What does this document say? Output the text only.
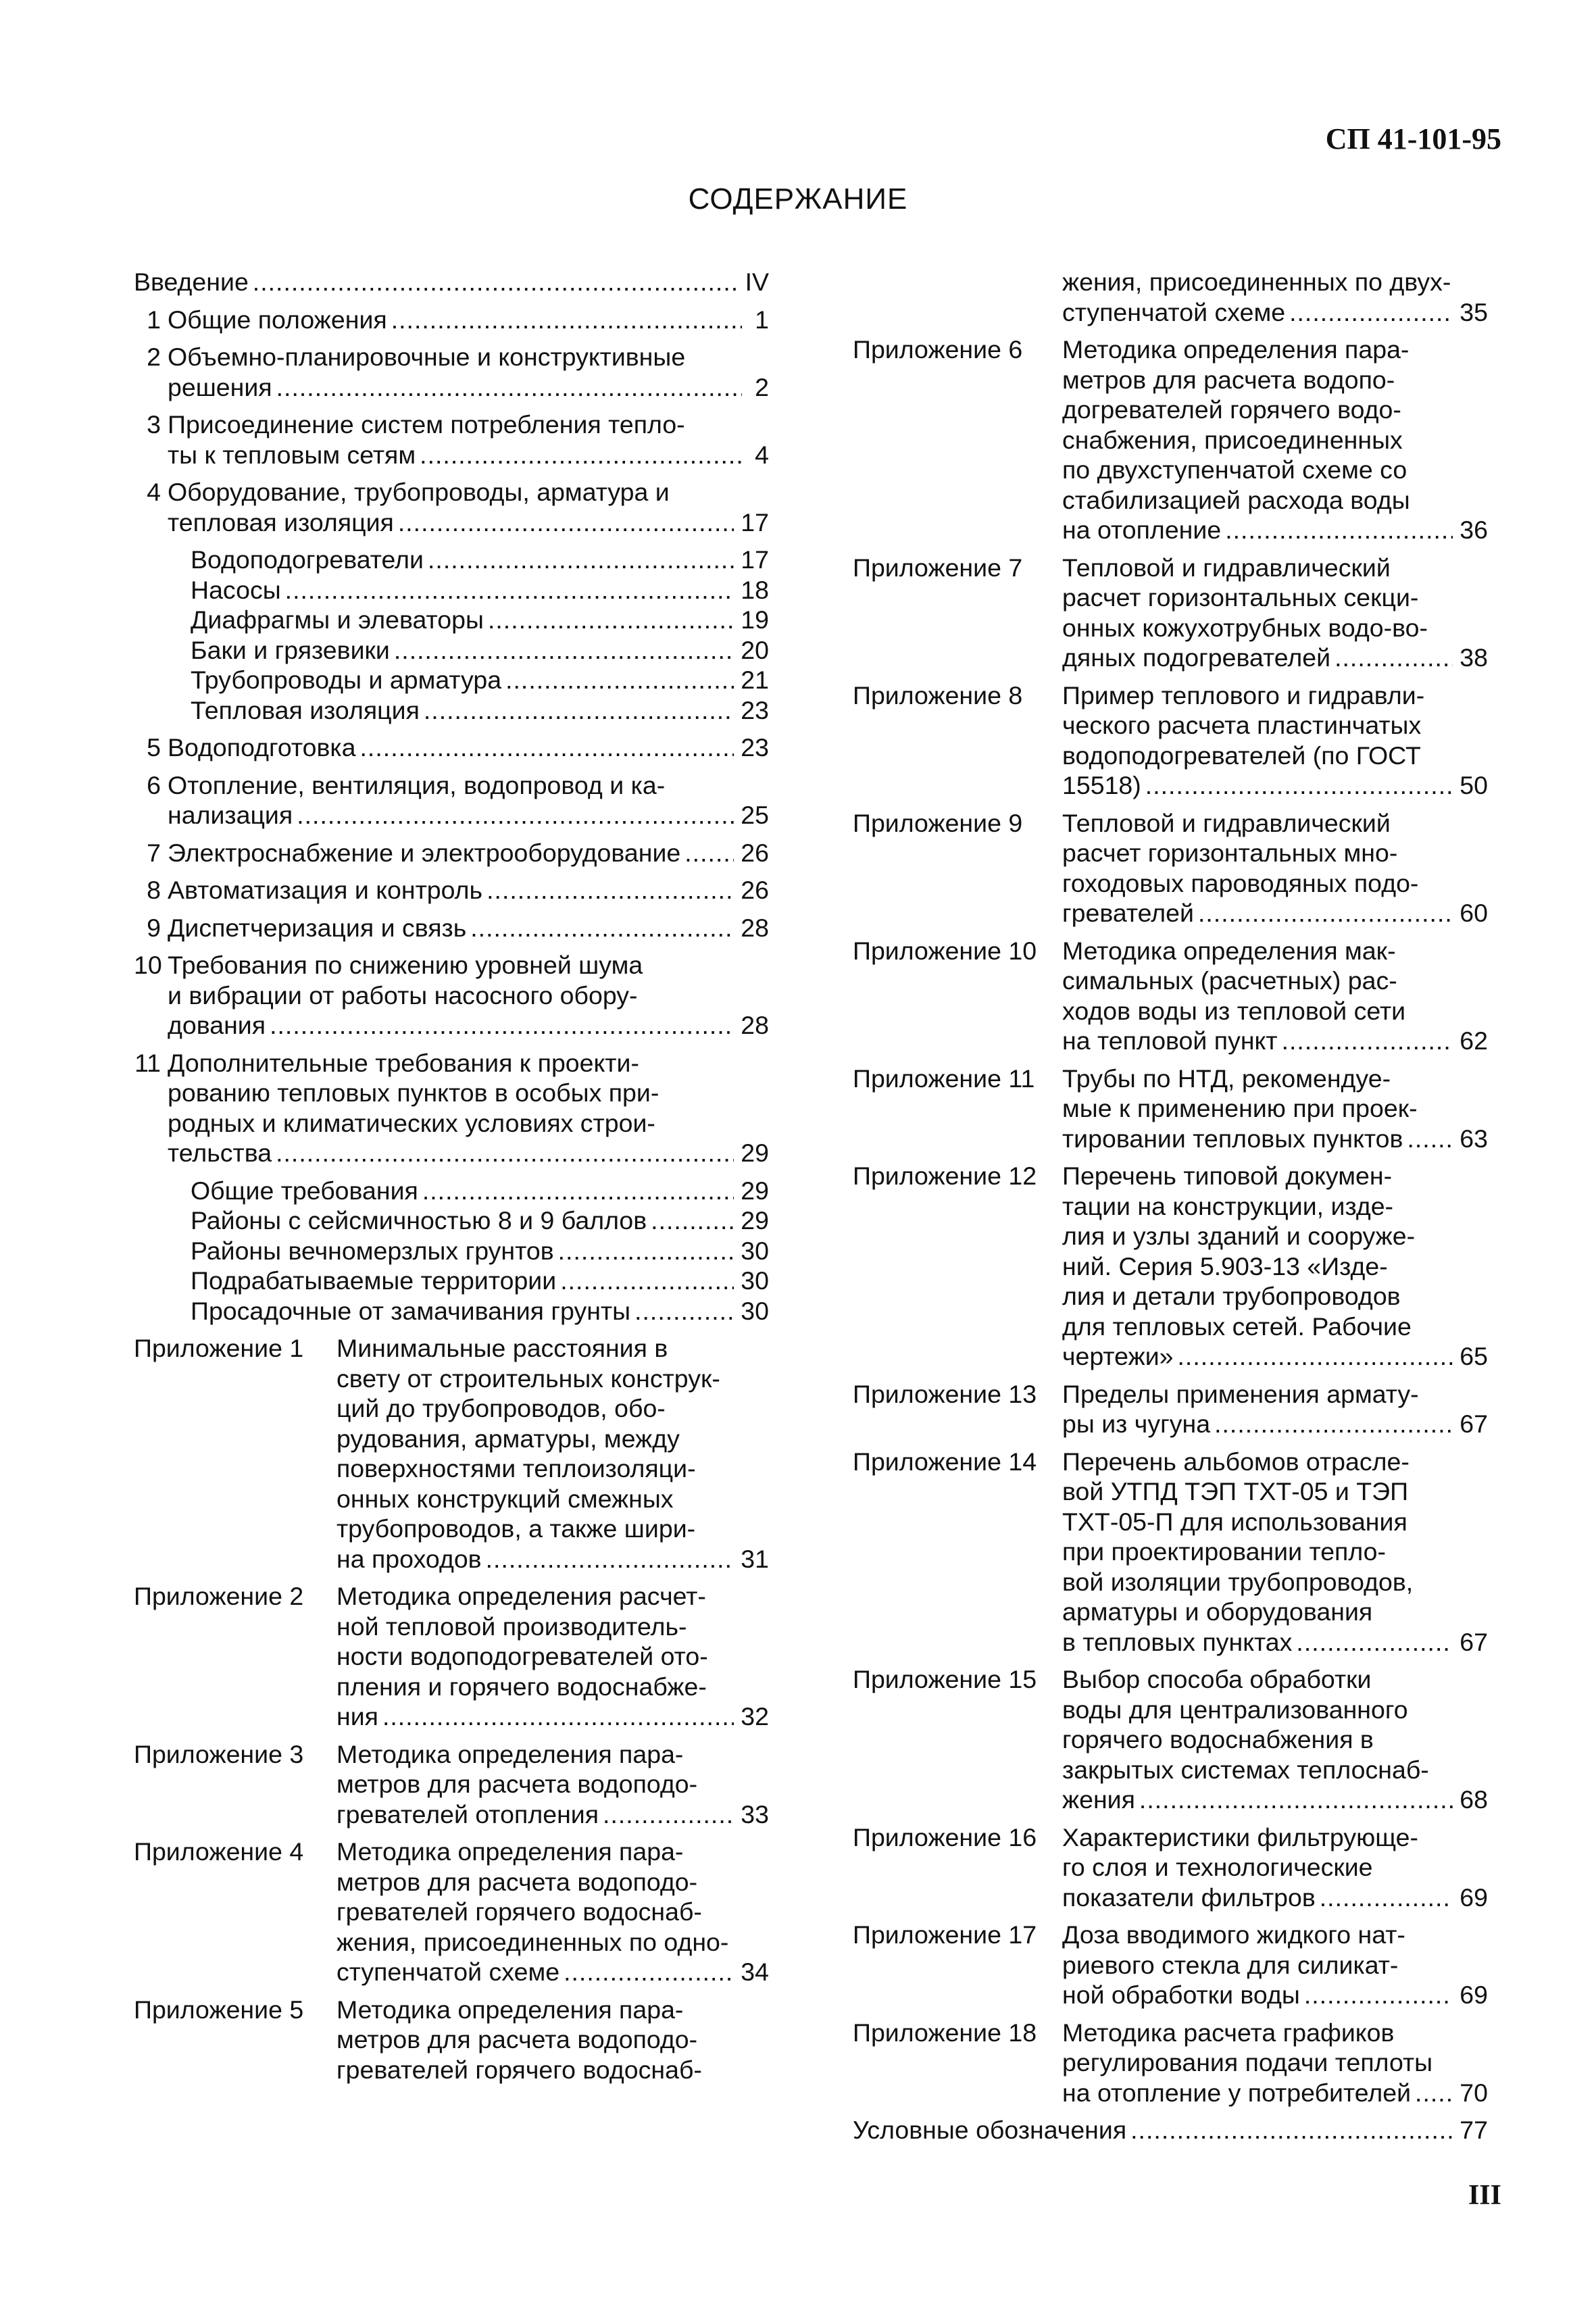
СП 41-101-95
СОДЕРЖАНИЕ
Введение .....	IV
1 Общие положения .....	1
2 Объемно-планировочные и конструктивные
решения .....	2
3 Присоединение систем потребления тепло-
ты к тепловым сетям .....	4
4 Оборудование, трубопроводы, арматура и
тепловая изоляция .....	17
Водоподогреватели .....	17
Насосы .....	18
Диафрагмы и элеваторы .....	19
Баки и грязевики .....	20
Трубопроводы и арматура .....	21
Тепловая изоляция .....	23
5 Водоподготовка .....	23
6 Отопление, вентиляция, водопровод и ка-
нализация .....	25
7 Электроснабжение и электрооборудование ..... 26
8 Автоматизация и контроль .....	26
9 Диспетчеризация и связь .....	28
10 Требования по снижению уровней шума
и вибрации от работы насосного обору-
дования .....	28
11 Дополнительные требования к проекти-
рованию тепловых пунктов в особых при-
родных и климатических условиях строи-
тельства .....	29
Общие требования .....	29
Районы с сейсмичностью 8 и 9 баллов .....	29
Районы вечномерзлых грунтов .....	30
Подрабатываемые территории .....	30
Просадочные от замачивания грунты .....	30
Приложение 1	Минимальные расстояния в
свету от строительных конструк-
ций до трубопроводов, обо-
рудования, арматуры, между
поверхностями теплоизоляци-
онных конструкций смежных
трубопроводов, а также шири-
на проходов .....	31
Приложение 2	Методика определения расчет-
ной тепловой производитель-
ности водоподогревателей ото-
пления и горячего водоснабже-
ния .....	32
Приложение 3	Методика определения пара-
метров для расчета водоподо-
гревателей отопления .....	33
Приложение 4	Методика определения пара-
метров для расчета водоподо-
гревателей горячего водоснаб-
жения, присоединенных по одно-
ступенчатой схеме .....	34
Приложение 5	Методика определения пара-
метров для расчета водоподо-
гревателей горячего водоснаб-
жения, присоединенных по двух-
ступенчатой схеме .....	35
Приложение 6	Методика определения пара-
метров для расчета водопо-
догревателей горячего водо-
снабжения, присоединенных
по двухступенчатой схеме со
стабилизацией расхода воды
на отопление .....	36
Приложение 7	Тепловой и гидравлический
расчет горизонтальных секци-
онных кожухотрубных водо-во-
дяных подогревателей .....	38
Приложение 8	Пример теплового и гидравли-
ческого расчета пластинчатых
водоподогревателей (по ГОСТ
15518) .....	50
Приложение 9	Тепловой и гидравлический
расчет горизонтальных мно-
гоходовых пароводяных подо-
гревателей .....	60
Приложение 10	Методика определения мак-
симальных (расчетных) рас-
ходов воды из тепловой сети
на тепловой пункт .....	62
Приложение 11	Трубы по НТД, рекомендуе-
мые к применению при проек-
тировании тепловых пунктов ..... 63
Приложение 12	Перечень типовой докумен-
тации на конструкции, изде-
лия и узлы зданий и сооруже-
ний. Серия 5.903-13 «Изде-
лия и детали трубопроводов
для тепловых сетей. Рабочие
чертежи» .....	65
Приложение 13	Пределы применения армату-
ры из чугуна .....	67
Приложение 14	Перечень альбомов отрасле-
вой УТПД ТЭП ТХТ-05 и ТЭП
ТХТ-05-П для использования
при проектировании тепло-
вой изоляции трубопроводов,
арматуры и оборудования
в тепловых пунктах .....	67
Приложение 15	Выбор способа обработки
воды для централизованного
горячего водоснабжения в
закрытых системах теплоснаб-
жения .....	68
Приложение 16	Характеристики фильтрующе-
го слоя и технологические
показатели фильтров .....	69
Приложение 17	Доза вводимого жидкого нат-
риевого стекла для силикат-
ной обработки воды .....	69
Приложение 18	Методика расчета графиков
регулирования подачи теплоты
на отопление у потребителей ..... 70
Условные обозначения .....	77
III
